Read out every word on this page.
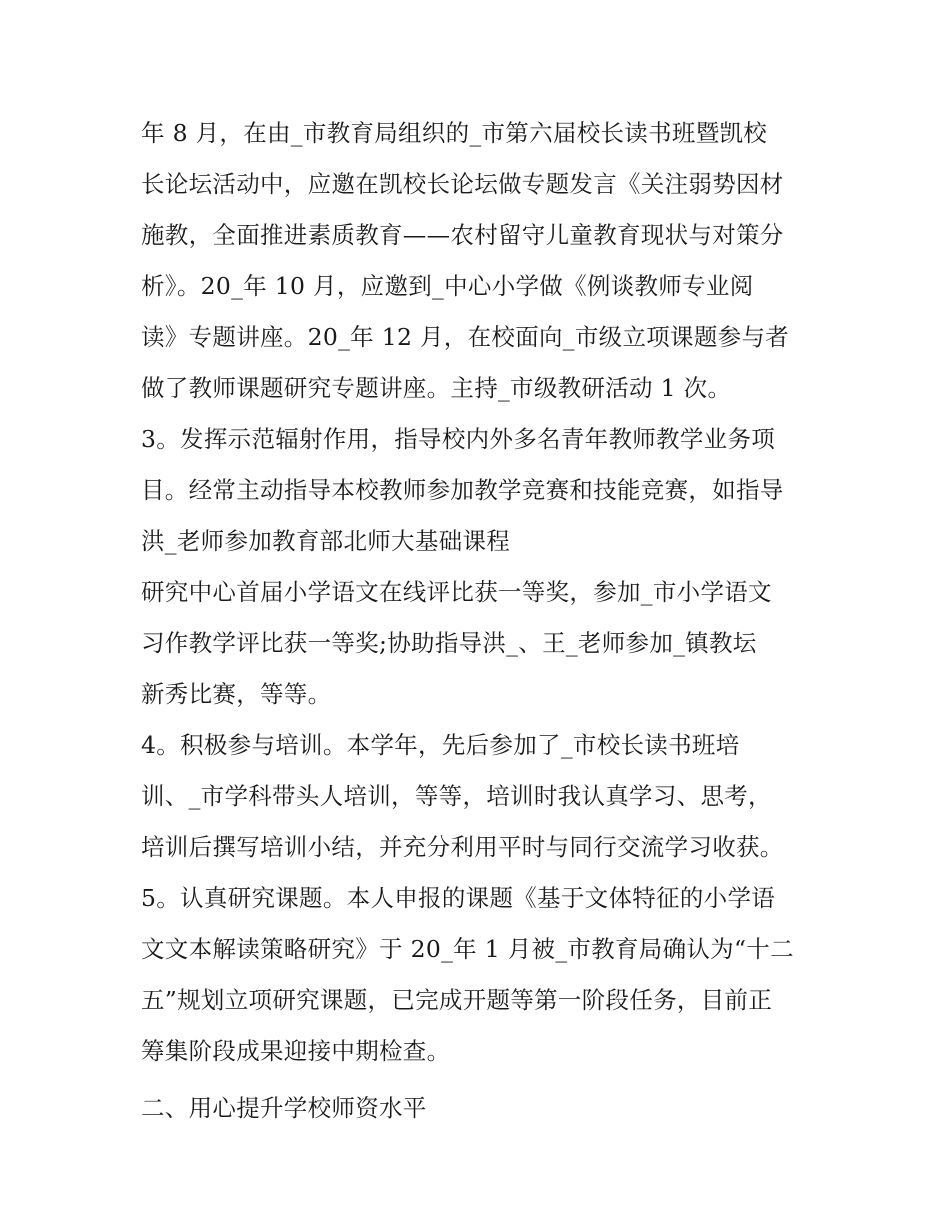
年 8 月，在由_市教育局组织的_市第六届校长读书班暨凯校

长论坛活动中，应邀在凯校长论坛做专题发言《关注弱势因材

施教，全面推进素质教育——农村留守儿童教育现状与对策分

析》。20_年 10 月，应邀到_中心小学做《例谈教师专业阅

读》专题讲座。20_年 12 月，在校面向_市级立项课题参与者

做了教师课题研究专题讲座。主持_市级教研活动 1 次。

3。发挥示范辐射作用，指导校内外多名青年教师教学业务项

目。经常主动指导本校教师参加教学竞赛和技能竞赛，如指导

洪_老师参加教育部北师大基础课程

研究中心首届小学语文在线评比获一等奖，参加_市小学语文

习作教学评比获一等奖;协助指导洪_、王_老师参加_镇教坛

新秀比赛，等等。

4。积极参与培训。本学年，先后参加了_市校长读书班培

训、_市学科带头人培训，等等，培训时我认真学习、思考，

培训后撰写培训小结，并充分利用平时与同行交流学习收获。

5。认真研究课题。本人申报的课题《基于文体特征的小学语

文文本解读策略研究》于 20_年 1 月被_市教育局确认为“十二

五”规划立项研究课题，已完成开题等第一阶段任务，目前正

筹集阶段成果迎接中期检查。

二、用心提升学校师资水平
